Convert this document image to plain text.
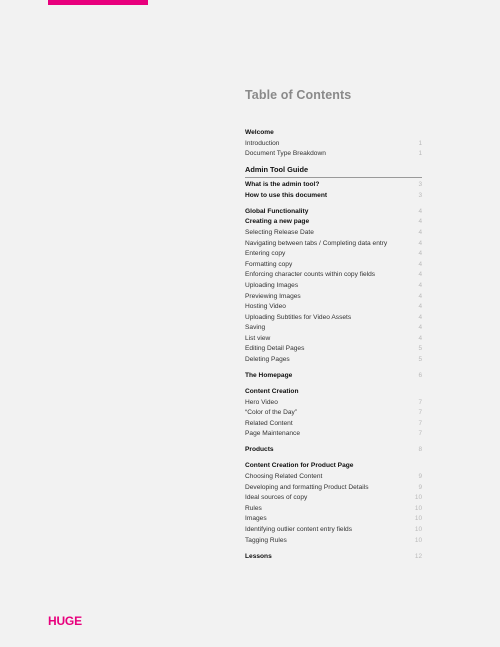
Table of Contents
Welcome
Introduction	1
Document Type Breakdown	1
Admin Tool Guide
What is the admin tool?	3
How to use this document	3
Global Functionality	4
Creating a new page	4
Selecting Release Date	4
Navigating between tabs / Completing data entry	4
Entering copy	4
Formatting copy	4
Enforcing character counts within copy fields	4
Uploading Images	4
Previewing Images	4
Hosting Video	4
Uploading Subtitles for Video Assets	4
Saving	4
List view	4
Editing Detail Pages	5
Deleting Pages	5
The Homepage	6
Content Creation
Hero Video	7
“Color of the Day”	7
Related Content	7
Page Maintenance	7
Products	8
Content Creation for Product Page
Choosing Related Content	9
Developing and formatting Product Details	9
Ideal sources of copy	10
Rules	10
Images	10
Identifying outlier content entry fields	10
Tagging Rules	10
Lessons	12
HUGE
